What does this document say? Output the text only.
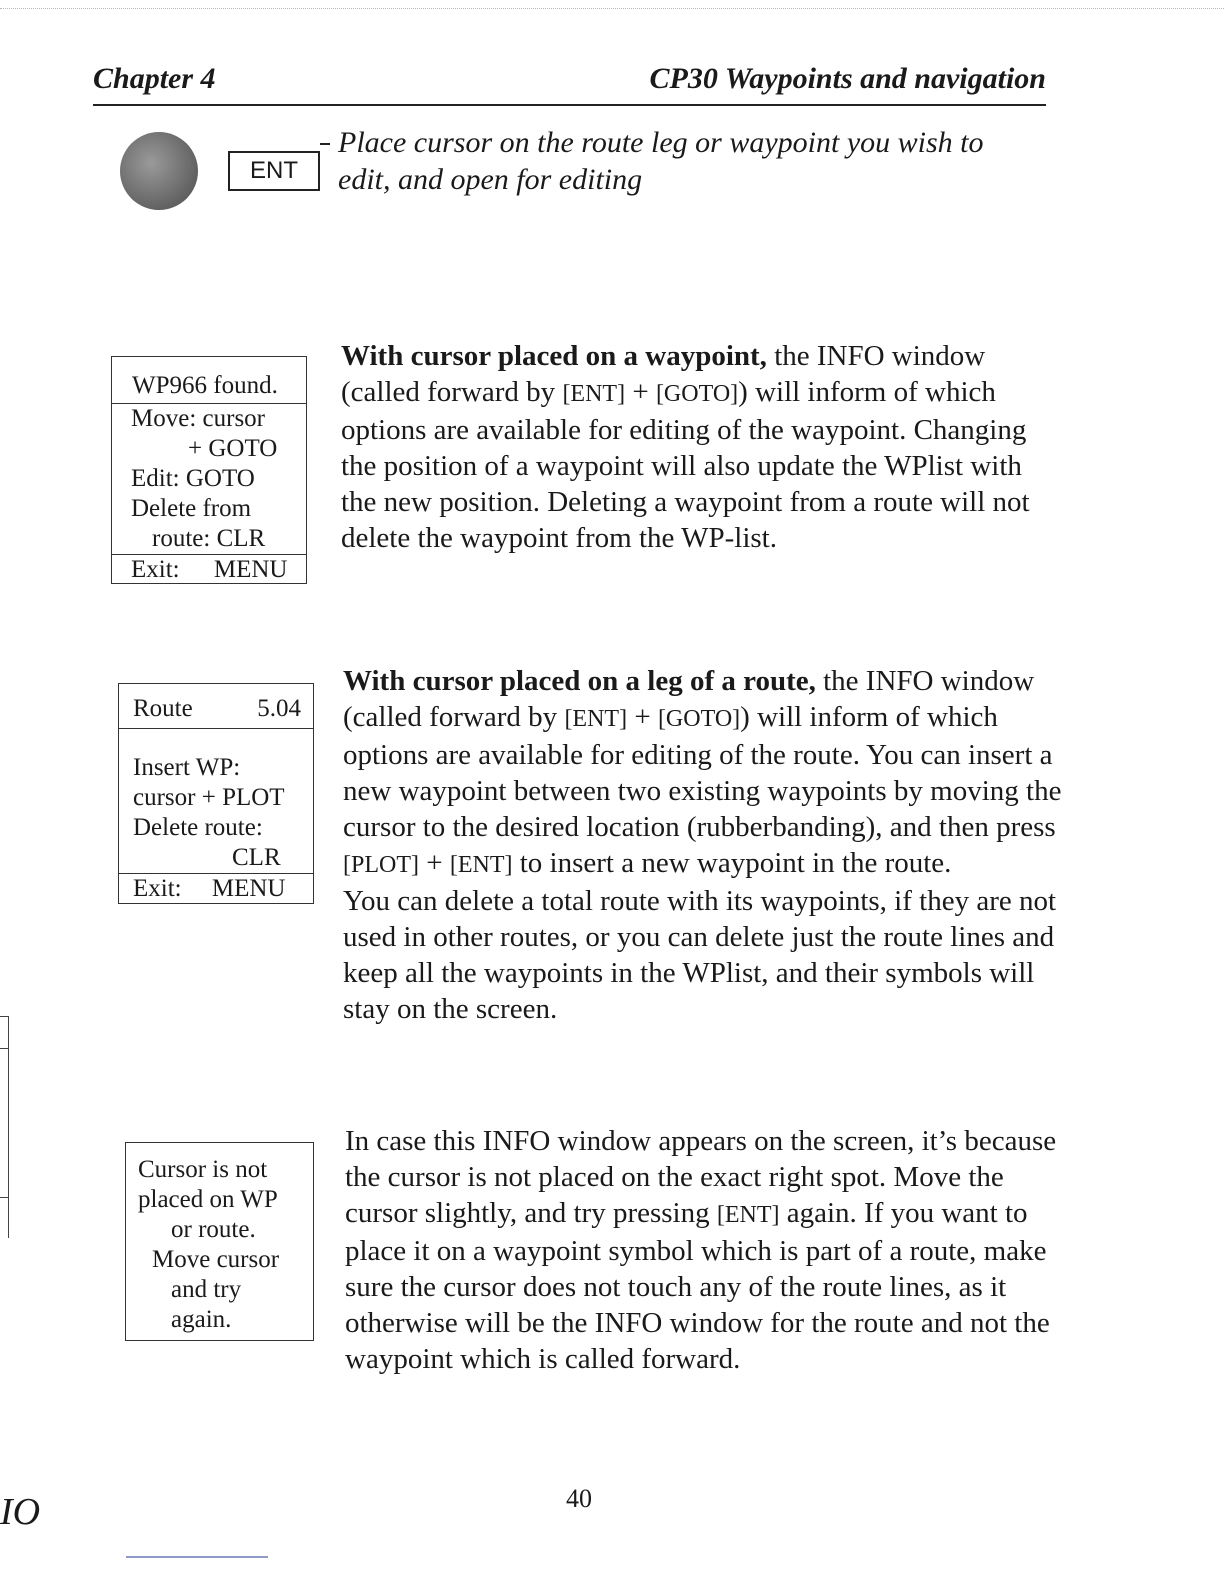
Chapter 4	CP30 Waypoints and navigation
ENT
Place cursor on the route leg or waypoint you wish to
edit, and open for editing
WP966 found.
Move: cursor
+ GOTO
Edit: GOTO
Delete from
route: CLR
Exit: MENU
Route	5.04
Insert WP:
cursor + PLOT
Delete route:
CLR
Exit: MENU
Cursor is not
placed on WP
or route.
Move cursor
and try
again.
With cursor placed on a waypoint, the INFO window (called forward by [ENT] + [GOTO]) will inform of which options are available for editing of the waypoint. Changing the position of a waypoint will also update the WPlist with the new position. Deleting a waypoint from a route will not delete the waypoint from the WP-list.
With cursor placed on a leg of a route, the INFO window (called forward by [ENT] + [GOTO]) will inform of which options are available for editing of the route. You can insert a new waypoint between two existing waypoints by moving the cursor to the desired location (rubberbanding), and then press [PLOT] + [ENT] to insert a new waypoint in the route.
You can delete a total route with its waypoints, if they are not used in other routes, or you can delete just the route lines and keep all the waypoints in the WPlist, and their symbols will stay on the screen.
In case this INFO window appears on the screen, it’s because the cursor is not placed on the exact right spot. Move the cursor slightly, and try pressing [ENT] again. If you want to place it on a waypoint symbol which is part of a route, make sure the cursor does not touch any of the route lines, as it otherwise will be the INFO window for the route and not the waypoint which is called forward.
40
IO
